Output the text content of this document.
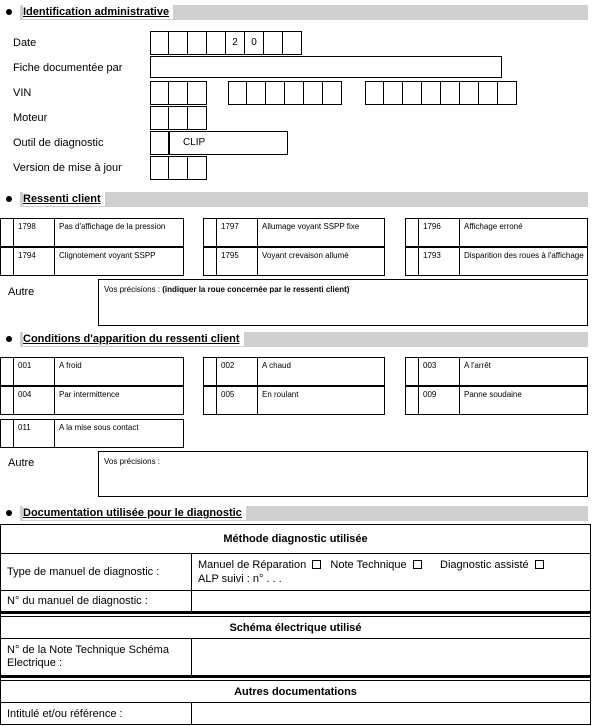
Identification administrative
Date	2	0
Fiche documentée par
VIN
Moteur
Outil de diagnostic	CLIP
Version de mise à jour
Ressenti client
1798	Pas d'affichage de la pression	1797	Allumage voyant SSPP fixe	1796	Affichage erroné
1794	Clignotement voyant SSPP	1795	Voyant crevaison allumé	1793	Disparition des roues à l'affichage
Autre	Vos précisions : (indiquer la roue concernée par le ressenti client)
Conditions d'apparition du ressenti client
001	A froid	002	A chaud	003	A l'arrêt
004	Par intermittence	005	En roulant	009	Panne soudaine
011	A la mise sous contact
Autre	Vos précisions :
Documentation utilisée pour le diagnostic
Méthode diagnostic utilisée	
Type de manuel de diagnostic :	Manuel de Réparation Note Technique Diagnostic assisté
ALP suivi : n° . . .
N° du manuel de diagnostic :	

Schéma électrique utilisé	
N° de la Note Technique Schéma Electrique :	

Autres documentations	
Intitulé et/ou référence :	
